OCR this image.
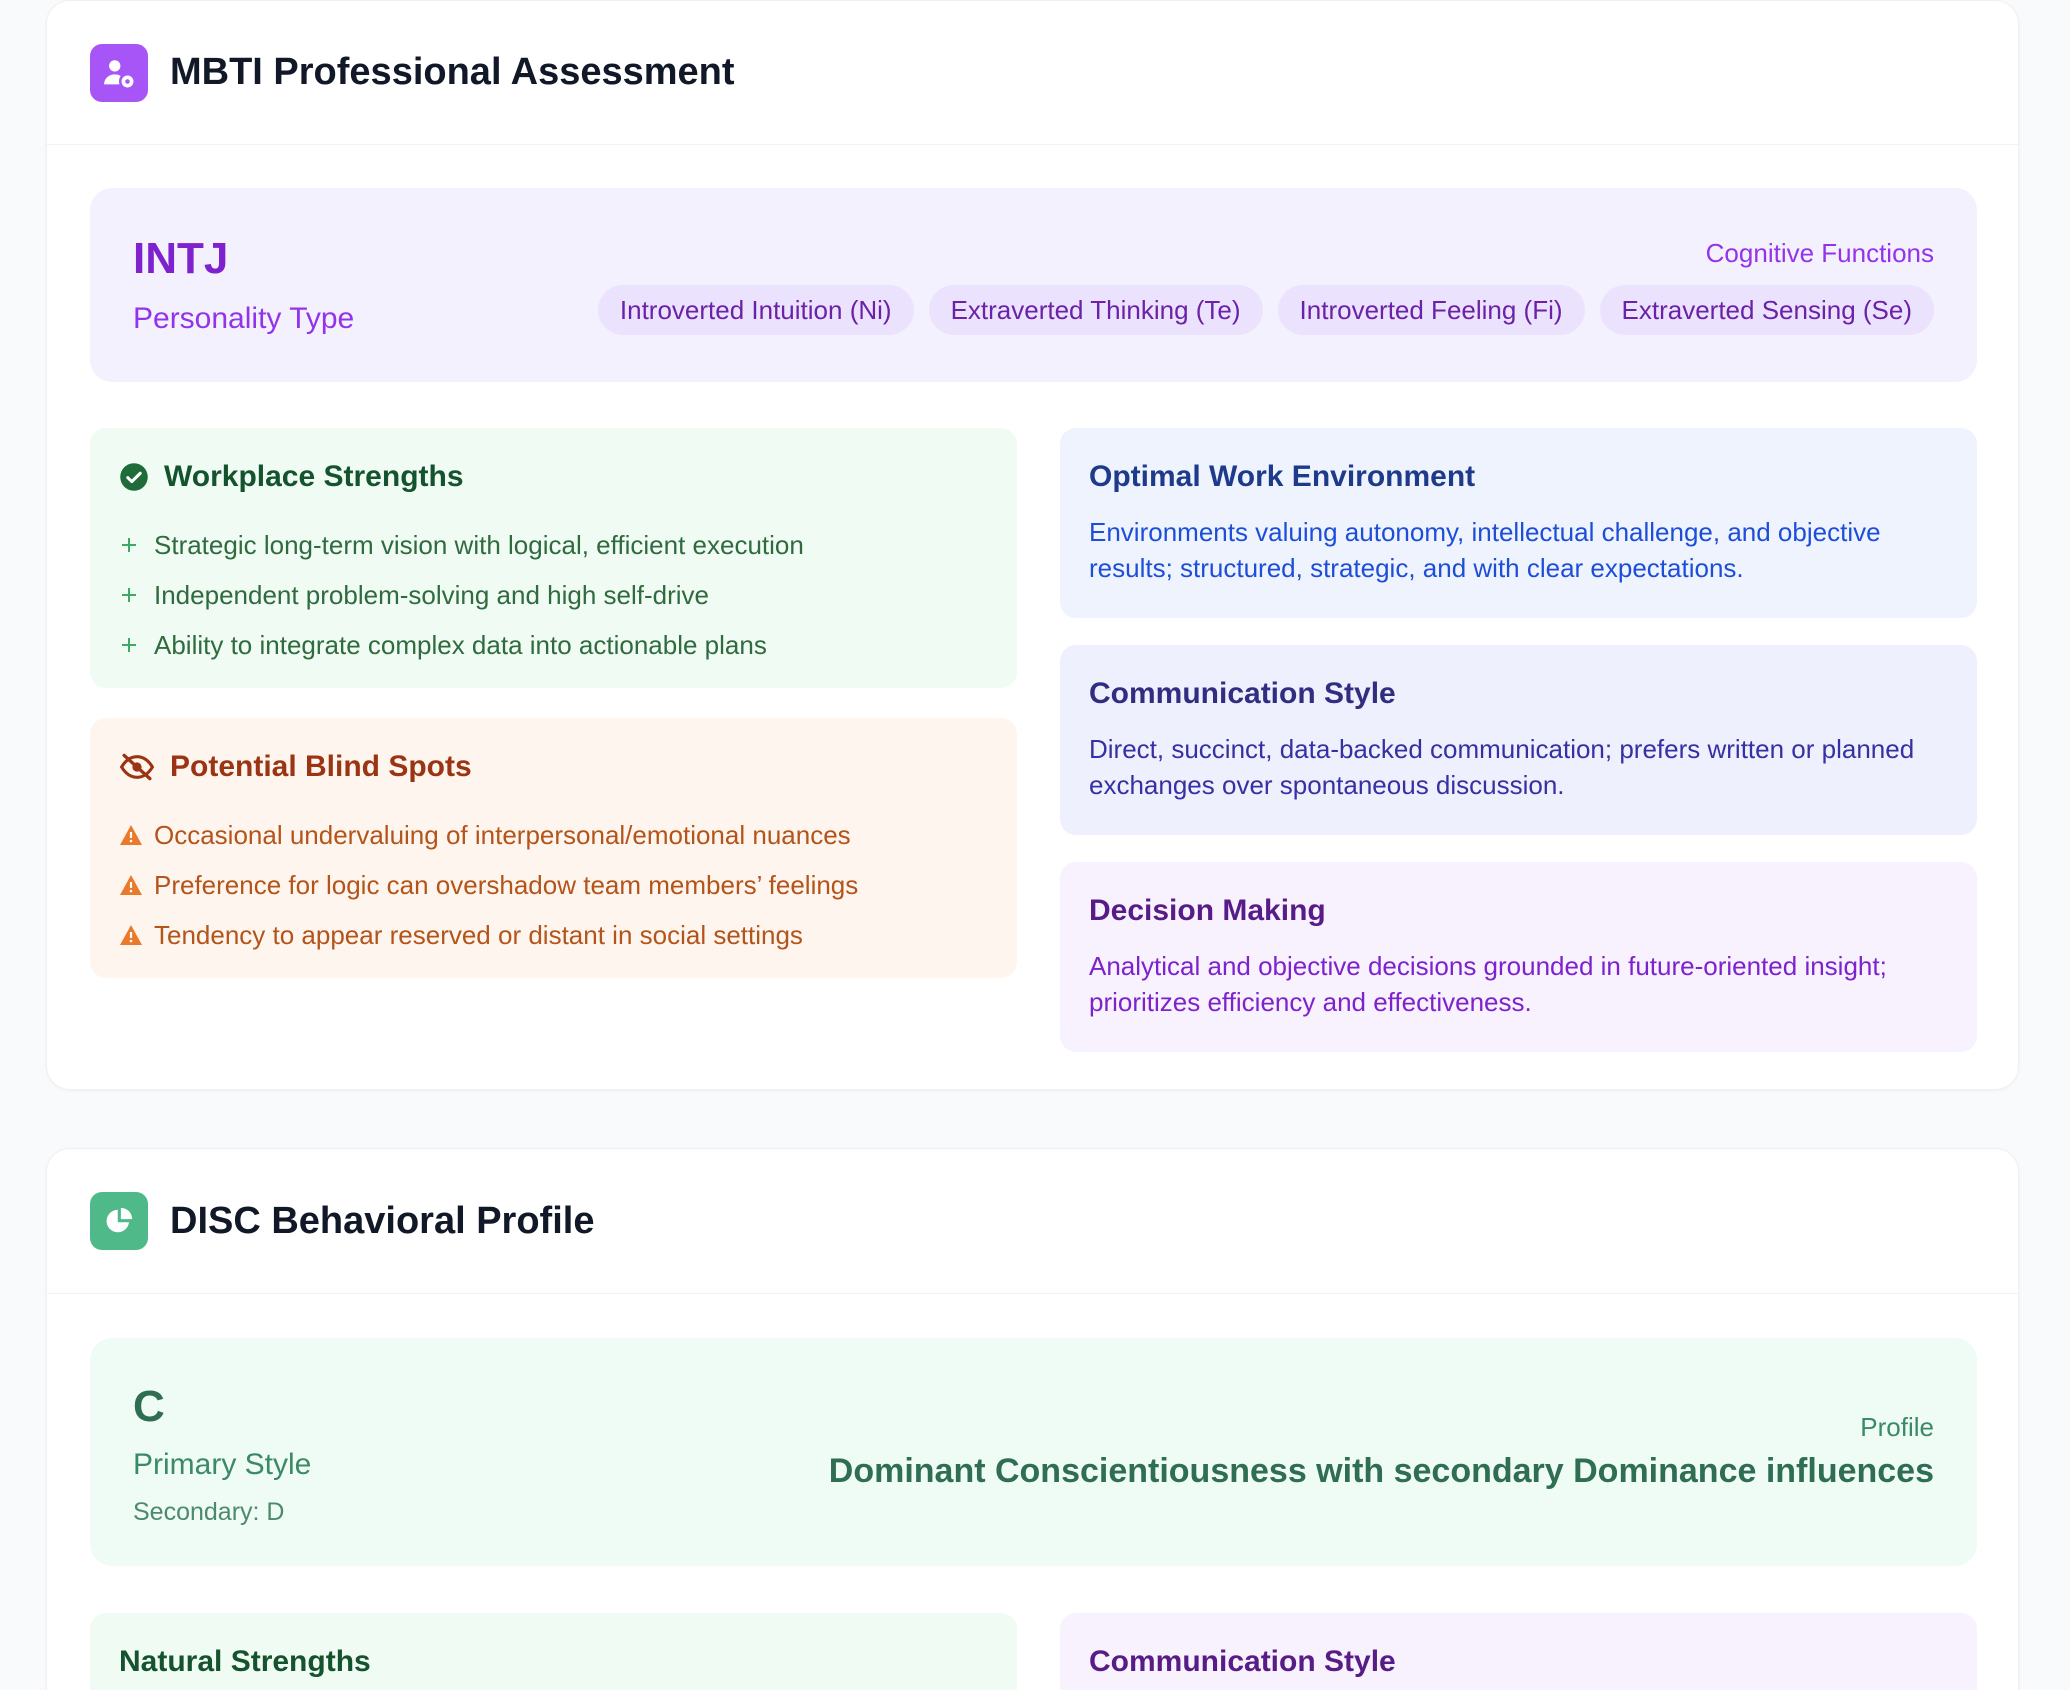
MBTI Professional Assessment
INTJ
Personality Type
Cognitive Functions
Introverted Intuition (Ni)	Extraverted Thinking (Te)	Introverted Feeling (Fi)	Extraverted Sensing (Se)
Workplace Strengths
Strategic long-term vision with logical, efficient execution
Independent problem-solving and high self-drive
Ability to integrate complex data into actionable plans
Potential Blind Spots
Occasional undervaluing of interpersonal/emotional nuances
Preference for logic can overshadow team members’ feelings
Tendency to appear reserved or distant in social settings
Optimal Work Environment

Environments valuing autonomy, intellectual challenge, and objective results; structured, strategic, and with clear expectations.

Communication Style

Direct, succinct, data-backed communication; prefers written or planned exchanges over spontaneous discussion.

Decision Making

Analytical and objective decisions grounded in future-oriented insight; prioritizes efficiency and effectiveness.

DISC Behavioral Profile
C
Primary Style
Secondary: D
Profile
Dominant Conscientiousness with secondary Dominance influences
Natural Strengths	Communication Style
